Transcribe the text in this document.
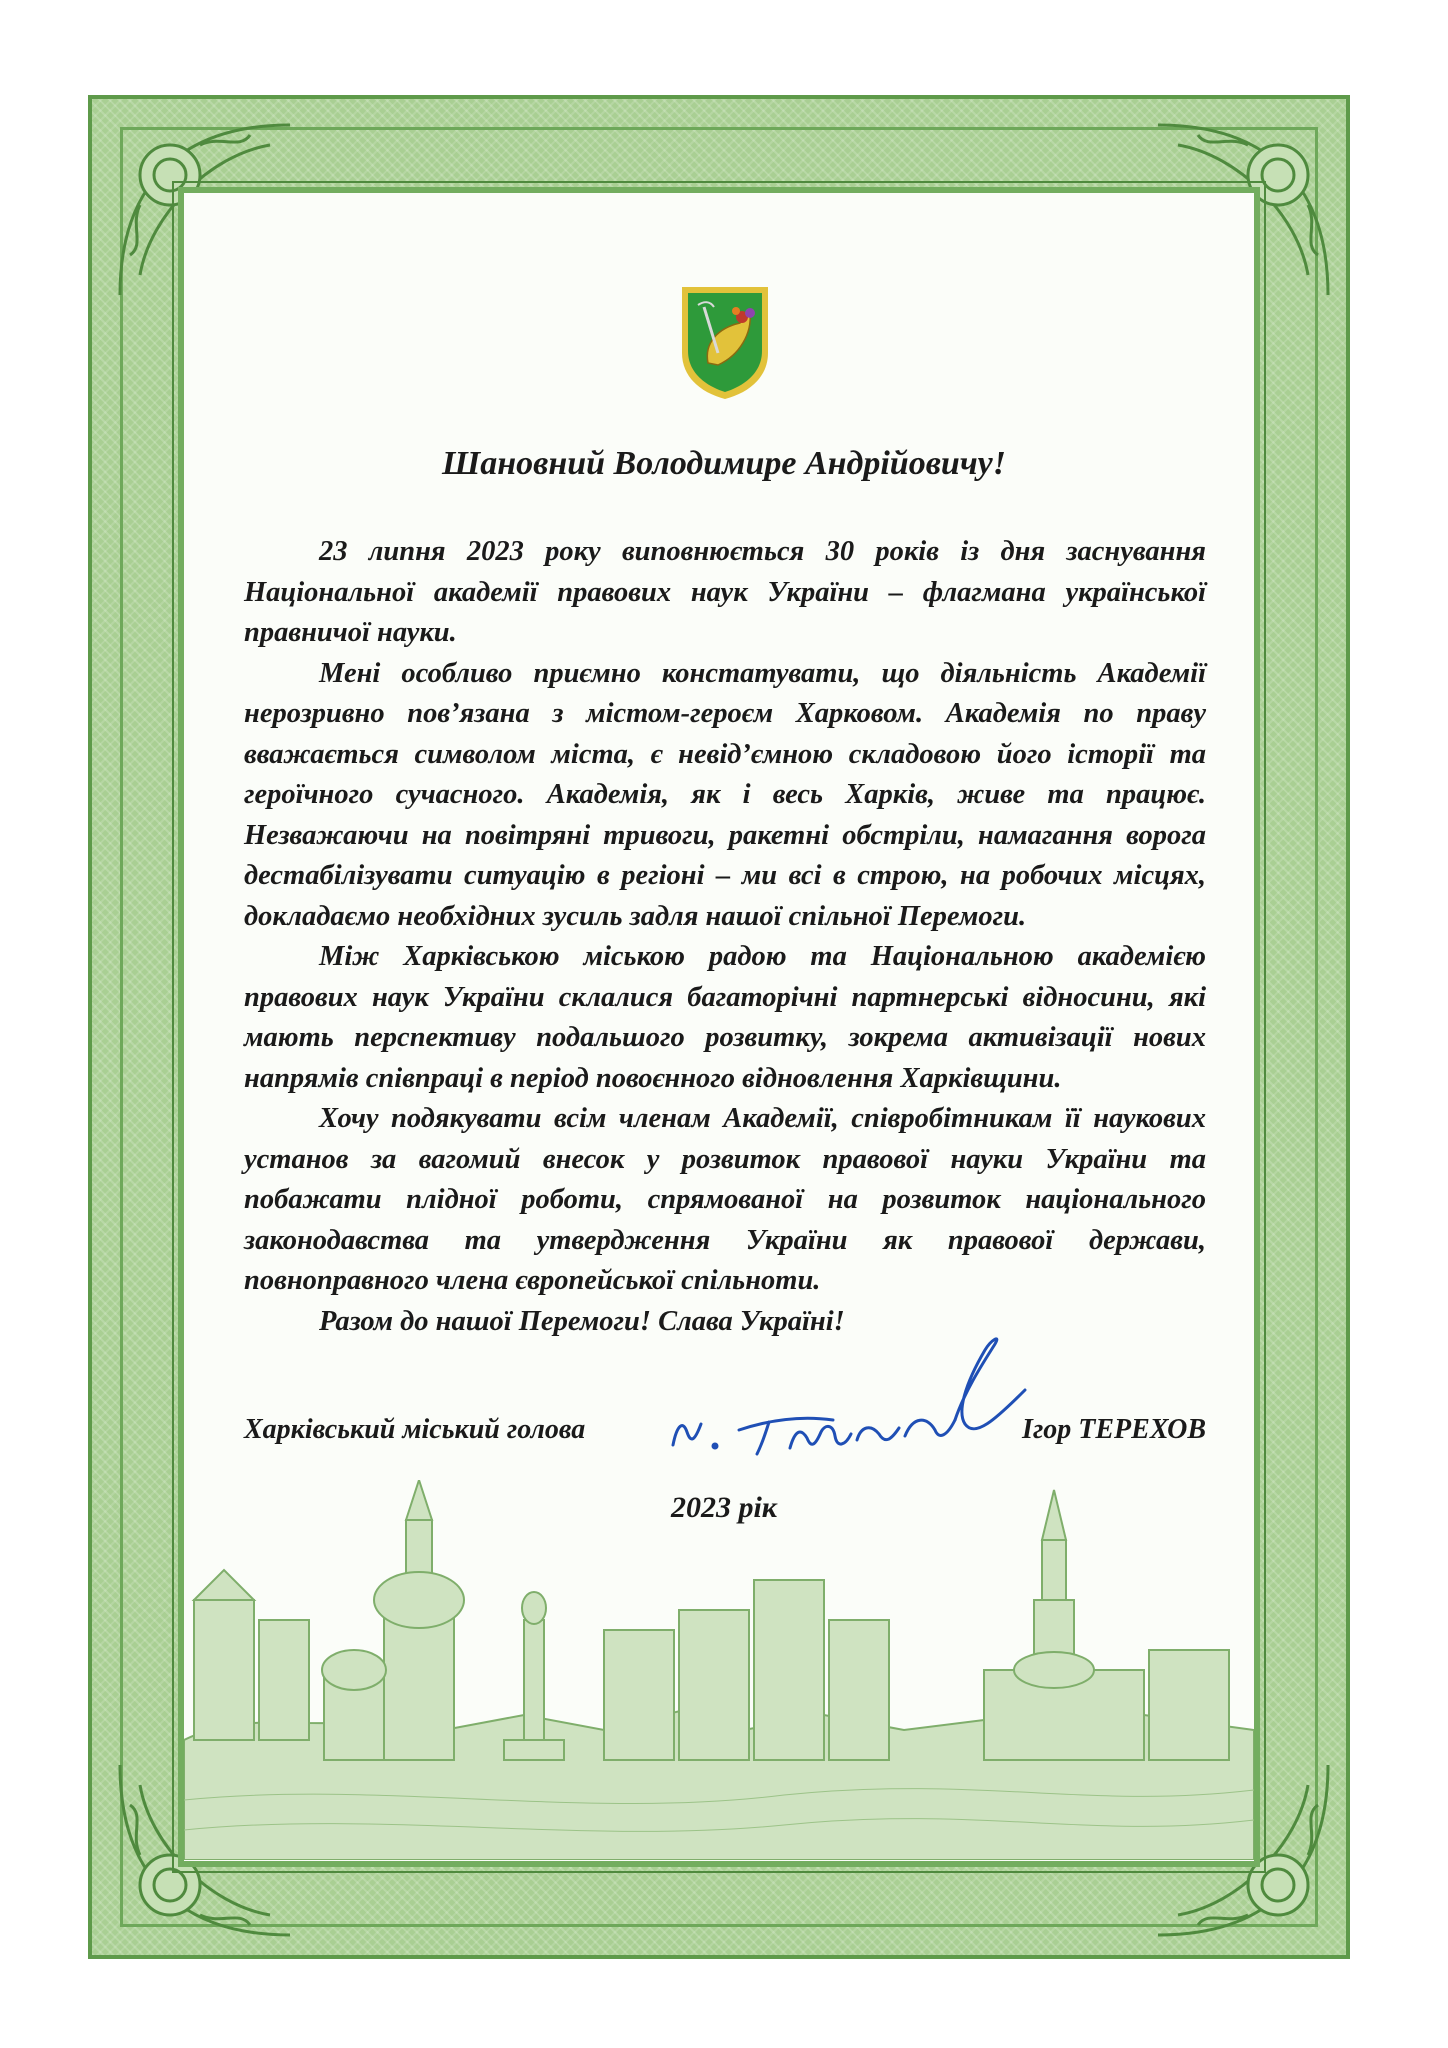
Шановний Володимире Андрійовичу!

23 липня 2023 року виповнюється 30 років із дня заснування Національної академії правових наук України – флагмана української правничої науки.

Мені особливо приємно констатувати, що діяльність Академії нерозривно пов’язана з містом-героєм Харковом. Академія по праву вважається символом міста, є невід’ємною складовою його історії та героїчного сучасного. Академія, як і весь Харків, живе та працює. Незважаючи на повітряні тривоги, ракетні обстріли, намагання ворога дестабілізувати ситуацію в регіоні – ми всі в строю, на робочих місцях, докладаємо необхідних зусиль задля нашої спільної Перемоги.

Між Харківською міською радою та Національною академією правових наук України склалися багаторічні партнерські відносини, які мають перспективу подальшого розвитку, зокрема активізації нових напрямів співпраці в період повоєнного відновлення Харківщини.

Хочу подякувати всім членам Академії, співробітникам її наукових установ за вагомий внесок у розвиток правової науки України та побажати плідної роботи, спрямованої на розвиток національного законодавства та утвердження України як правової держави, повноправного члена європейської спільноти.

Разом до нашої Перемоги! Слава Україні!

Харківський міський голова	Ігор ТЕРЕХОВ
2023 рік
